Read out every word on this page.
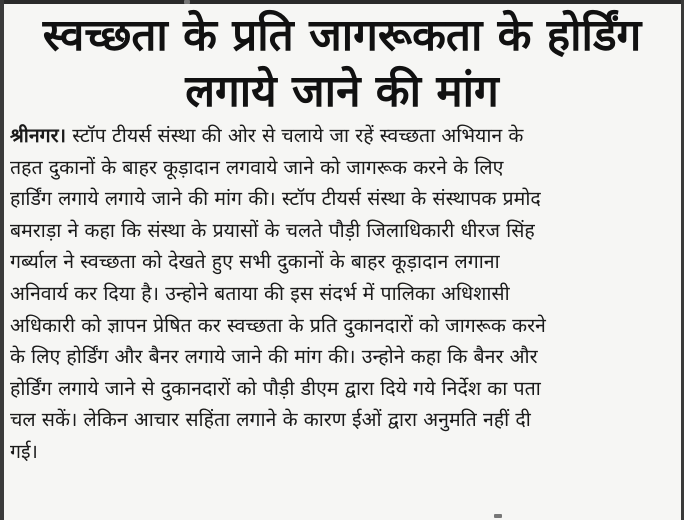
स्वच्छता के प्रति जागरूकता के होर्डिंग
लगाये जाने की मांग
श्रीनगर। स्टॉप टीयर्स संस्था की ओर से चलाये जा रहें स्वच्छता अभियान के
तहत दुकानों के बाहर कूड़ादान लगवाये जाने को जागरूक करने के लिए
हार्डिंग लगाये लगाये जाने की मांग की। स्टॉप टीयर्स संस्था के संस्थापक प्रमोद
बमराड़ा ने कहा कि संस्था के प्रयासों के चलते पौड़ी जिलाधिकारी धीरज सिंह
गर्ब्याल ने स्वच्छता को देखते हुए सभी दुकानों के बाहर कूड़ादान लगाना
अनिवार्य कर दिया है। उन्होने बताया की इस संदर्भ में पालिका अधिशासी
अधिकारी को ज्ञापन प्रेषित कर स्वच्छता के प्रति दुकानदारों को जागरूक करने
के लिए होर्डिंग और बैनर लगाये जाने की मांग की। उन्होने कहा कि बैनर और
होर्डिंग लगाये जाने से दुकानदारों को पौड़ी डीएम द्वारा दिये गये निर्देश का पता
चल सकें। लेकिन आचार सहिंता लगाने के कारण ईओं द्वारा अनुमति नहीं दी
गई।
